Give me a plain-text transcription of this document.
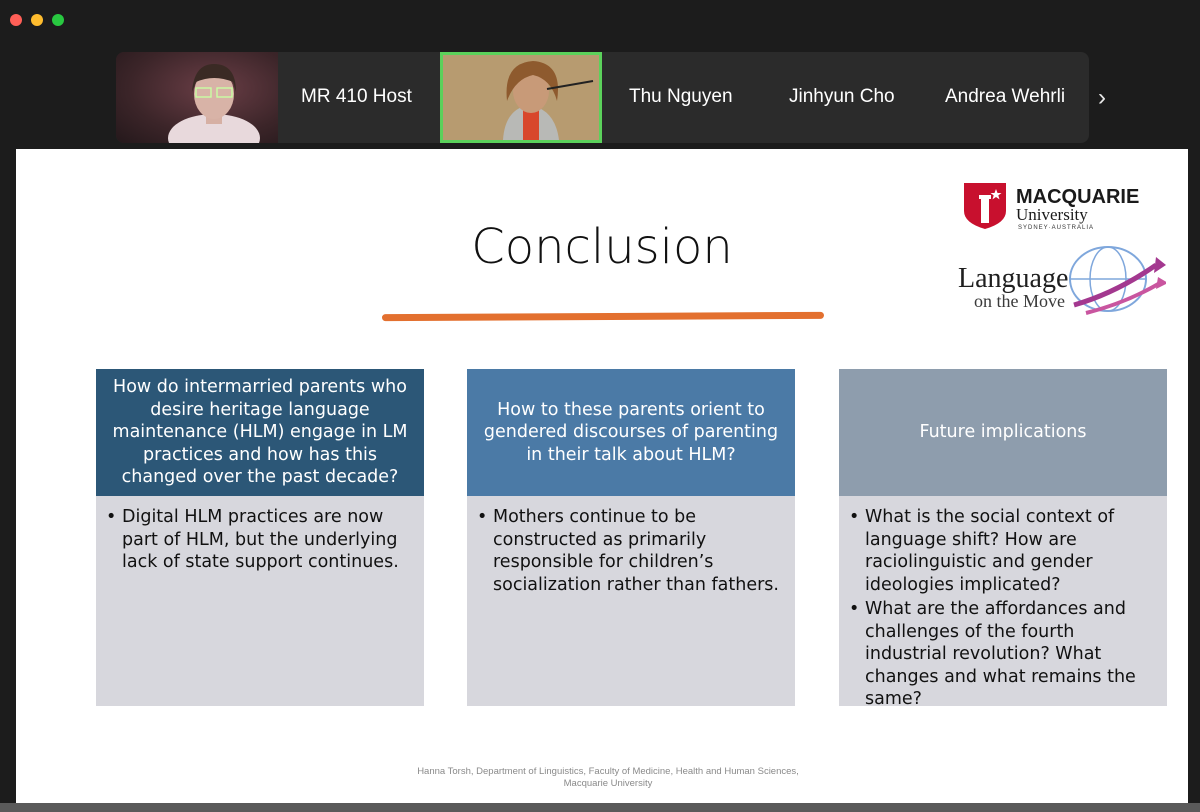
MR 410 Host	Thu Nguyen	Jinhyun Cho	Andrea Wehrli ›
Conclusion
MACQUARIE
University
SYDNEY·AUSTRALIA
Language
on the Move
How do intermarried parents who desire heritage language maintenance (HLM) engage in LM practices and how has this changed over the past decade?
• Digital HLM practices are now part of HLM, but the underlying lack of state support continues.
How to these parents orient to gendered discourses of parenting in their talk about HLM?
• Mothers continue to be constructed as primarily responsible for children’s socialization rather than fathers.
Future implications
• What is the social context of language shift? How are raciolinguistic and gender ideologies implicated?
• What are the affordances and challenges of the fourth industrial revolution? What changes and what remains the same?
Hanna Torsh, Department of Linguistics, Faculty of Medicine, Health and Human Sciences, Macquarie University
